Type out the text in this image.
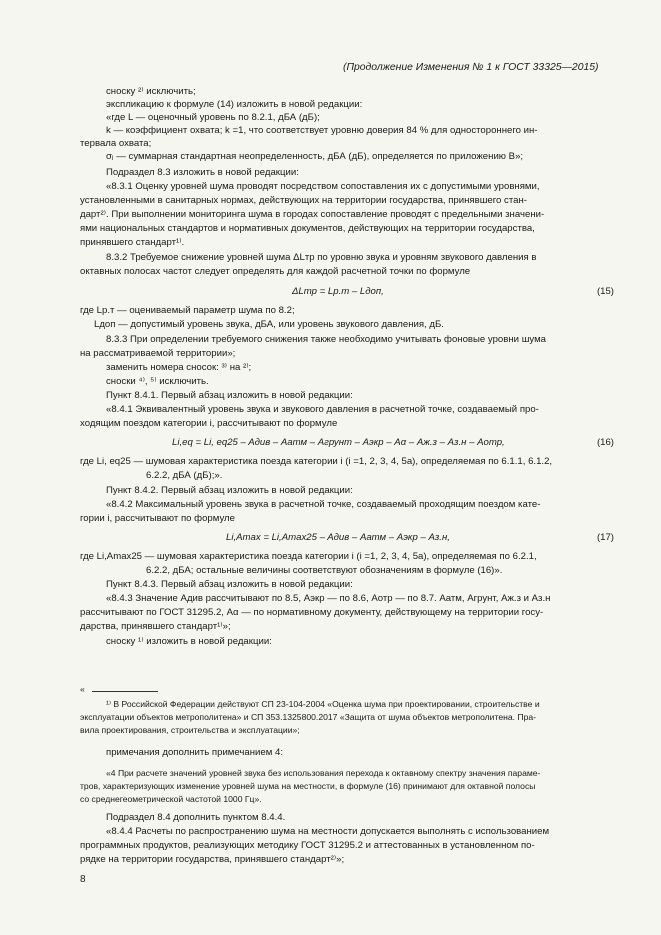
(Продолжение Изменения № 1 к ГОСТ 33325—2015)
сноску ²⁾ исключить;
экспликацию к формуле (14) изложить в новой редакции:
«где L — оценочный уровень по 8.2.1, дБА (дБ);
k — коэффициент охвата; k =1, что соответствует уровню доверия 84 % для одностороннего ин-
тервала охвата;
σⱼ — суммарная стандартная неопределенность, дБА (дБ), определяется по приложению В»;
Подраздел 8.3 изложить в новой редакции:
«8.3.1 Оценку уровней шума проводят посредством сопоставления их с допустимыми уровнями,
установленными в санитарных нормах, действующих на территории государства, принявшего стан-
дарт²⁾. При выполнении мониторинга шума в городах сопоставление проводят с предельными значени-
ями национальных стандартов и нормативных документов, действующих на территории государства,
принявшего стандарт¹⁾.
8.3.2 Требуемое снижение уровней шума ΔLтр по уровню звука и уровням звукового давления в
октавных полосах частот следует определять для каждой расчетной точки по формуле
ΔLтр = Lр.т – Lдоп,	(15)
где Lр.т — оцениваемый параметр шума по 8.2;
Lдоп — допустимый уровень звука, дБА, или уровень звукового давления, дБ.
8.3.3 При определении требуемого снижения также необходимо учитывать фоновые уровни шума
на рассматриваемой территории»;
заменить номера сносок: ³⁾ на ²⁾;
сноски ⁴⁾, ⁵⁾ исключить.
Пункт 8.4.1. Первый абзац изложить в новой редакции:
«8.4.1 Эквивалентный уровень звука и звукового давления в расчетной точке, создаваемый про-
ходящим поездом категории i, рассчитывают по формуле
Li,eq = Li, eq25 – Aдив – Aатм – Aгрунт – Aэкр – Aα – Aж.з – Aз.н – Aотр,	(16)
где Li, eq25 — шумовая характеристика поезда категории i (i =1, 2, 3, 4, 5а), определяемая по 6.1.1, 6.1.2,
6.2.2, дБА (дБ);».
Пункт 8.4.2. Первый абзац изложить в новой редакции:
«8.4.2 Максимальный уровень звука в расчетной точке, создаваемый проходящим поездом кате-
гории i, рассчитывают по формуле
Li,Amax = Li,Amax25 – Aдив – Aатм – Aэкр – Aз.н,	(17)
где Li,Amax25 — шумовая характеристика поезда категории i (i =1, 2, 3, 4, 5а), определяемая по 6.2.1,
6.2.2, дБА; остальные величины соответствуют обозначениям в формуле (16)».
Пункт 8.4.3. Первый абзац изложить в новой редакции:
«8.4.3 Значение Aдив рассчитывают по 8.5, Aэкр — по 8.6, Aотр — по 8.7. Aатм, Aгрунт, Aж.з и Aз.н
рассчитывают по ГОСТ 31295.2, Aα — по нормативному документу, действующему на территории госу-
дарства, принявшего стандарт¹⁾»;
сноску ¹⁾ изложить в новой редакции:
«
¹⁾ В Российской Федерации действуют СП 23-104-2004 «Оценка шума при проектировании, строительстве и
эксплуатации объектов метрополитена» и СП 353.1325800.2017 «Защита от шума объектов метрополитена. Пра-
вила проектирования, строительства и эксплуатации»;
примечания дополнить примечанием 4:
«4 При расчете значений уровней звука без использования перехода к октавному спектру значения параме-
тров, характеризующих изменение уровней шума на местности, в формуле (16) принимают для октавной полосы
со среднегеометрической частотой 1000 Гц».
Подраздел 8.4 дополнить пунктом 8.4.4.
«8.4.4 Расчеты по распространению шума на местности допускается выполнять с использованием
программных продуктов, реализующих методику ГОСТ 31295.2 и аттестованных в установленном по-
рядке на территории государства, принявшего стандарт²⁾»;
8
